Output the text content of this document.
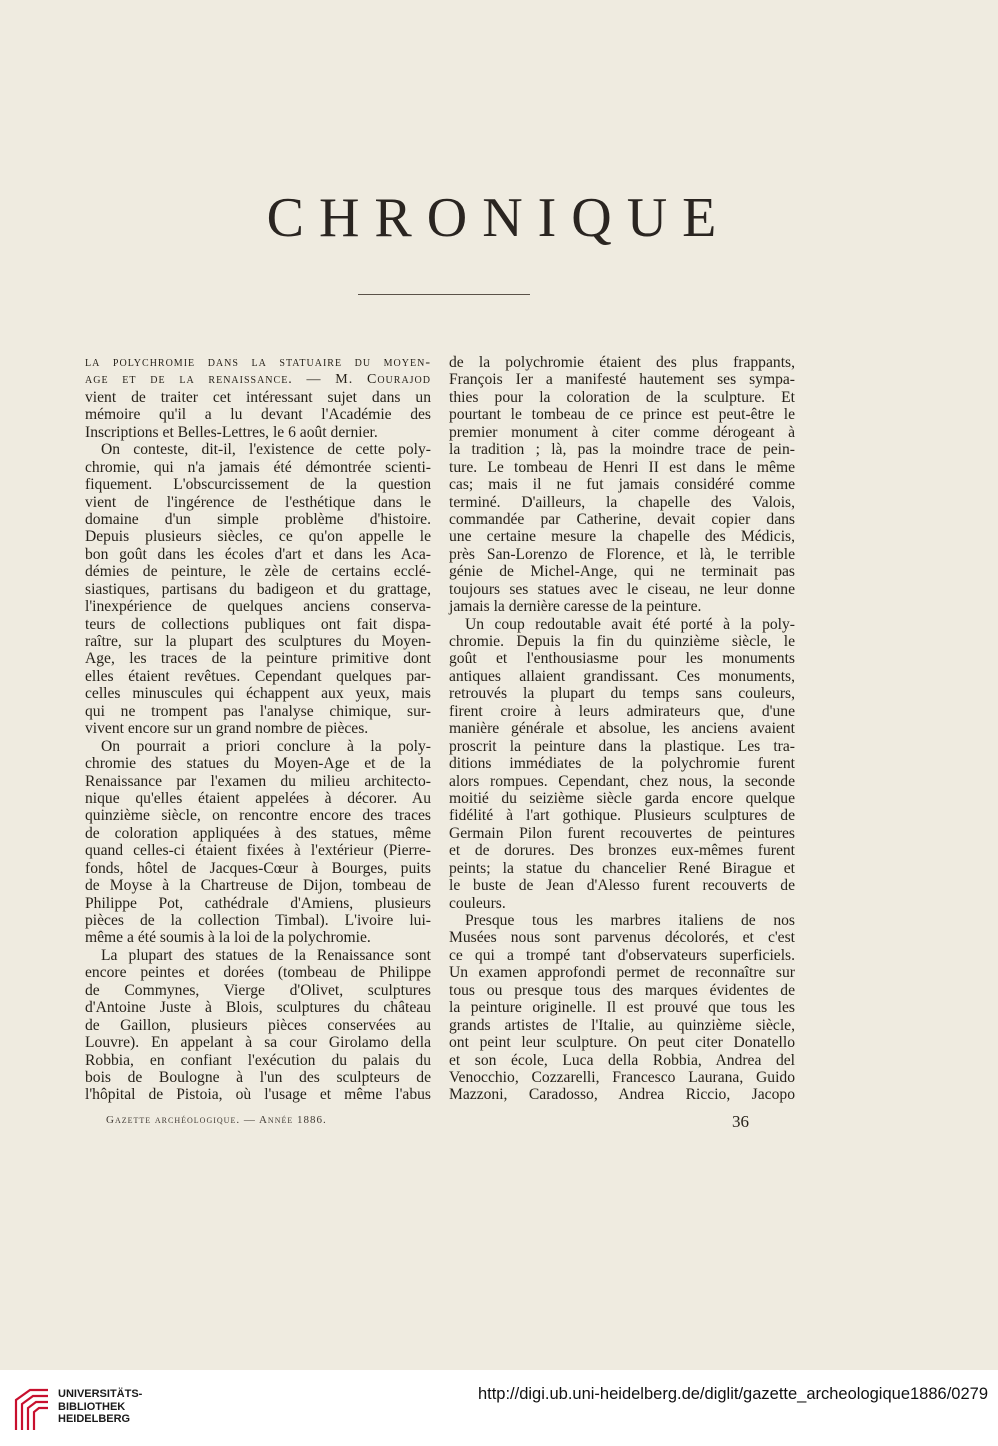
CHRONIQUE
la polychromie dans la statuaire du moyen-
age et de la renaissance. — M. Courajod
vient de traiter cet intéressant sujet dans un
mémoire qu'il a lu devant l'Académie des
Inscriptions et Belles-Lettres, le 6 août dernier.
On conteste, dit-il, l'existence de cette poly-
chromie, qui n'a jamais été démontrée scienti-
fiquement. L'obscurcissement de la question
vient de l'ingérence de l'esthétique dans le
domaine d'un simple problème d'histoire.
Depuis plusieurs siècles, ce qu'on appelle le
bon goût dans les écoles d'art et dans les Aca-
démies de peinture, le zèle de certains ecclé-
siastiques, partisans du badigeon et du grattage,
l'inexpérience de quelques anciens conserva-
teurs de collections publiques ont fait dispa-
raître, sur la plupart des sculptures du Moyen-
Age, les traces de la peinture primitive dont
elles étaient revêtues. Cependant quelques par-
celles minuscules qui échappent aux yeux, mais
qui ne trompent pas l'analyse chimique, sur-
vivent encore sur un grand nombre de pièces.
On pourrait a priori conclure à la poly-
chromie des statues du Moyen-Age et de la
Renaissance par l'examen du milieu architecto-
nique qu'elles étaient appelées à décorer. Au
quinzième siècle, on rencontre encore des traces
de coloration appliquées à des statues, même
quand celles-ci étaient fixées à l'extérieur (Pierre-
fonds, hôtel de Jacques-Cœur à Bourges, puits
de Moyse à la Chartreuse de Dijon, tombeau de
Philippe Pot, cathédrale d'Amiens, plusieurs
pièces de la collection Timbal). L'ivoire lui-
même a été soumis à la loi de la polychromie.
La plupart des statues de la Renaissance sont
encore peintes et dorées (tombeau de Philippe
de Commynes, Vierge d'Olivet, sculptures
d'Antoine Juste à Blois, sculptures du château
de Gaillon, plusieurs pièces conservées au
Louvre). En appelant à sa cour Girolamo della
Robbia, en confiant l'exécution du palais du
bois de Boulogne à l'un des sculpteurs de
l'hôpital de Pistoia, où l'usage et même l'abus
de la polychromie étaient des plus frappants,
François Ier a manifesté hautement ses sympa-
thies pour la coloration de la sculpture. Et
pourtant le tombeau de ce prince est peut-être le
premier monument à citer comme dérogeant à
la tradition ; là, pas la moindre trace de pein-
ture. Le tombeau de Henri II est dans le même
cas; mais il ne fut jamais considéré comme
terminé. D'ailleurs, la chapelle des Valois,
commandée par Catherine, devait copier dans
une certaine mesure la chapelle des Médicis,
près San-Lorenzo de Florence, et là, le terrible
génie de Michel-Ange, qui ne terminait pas
toujours ses statues avec le ciseau, ne leur donne
jamais la dernière caresse de la peinture.
Un coup redoutable avait été porté à la poly-
chromie. Depuis la fin du quinzième siècle, le
goût et l'enthousiasme pour les monuments
antiques allaient grandissant. Ces monuments,
retrouvés la plupart du temps sans couleurs,
firent croire à leurs admirateurs que, d'une
manière générale et absolue, les anciens avaient
proscrit la peinture dans la plastique. Les tra-
ditions immédiates de la polychromie furent
alors rompues. Cependant, chez nous, la seconde
moitié du seizième siècle garda encore quelque
fidélité à l'art gothique. Plusieurs sculptures de
Germain Pilon furent recouvertes de peintures
et de dorures. Des bronzes eux-mêmes furent
peints; la statue du chancelier René Birague et
le buste de Jean d'Alesso furent recouverts de
couleurs.
Presque tous les marbres italiens de nos
Musées nous sont parvenus décolorés, et c'est
ce qui a trompé tant d'observateurs superficiels.
Un examen approfondi permet de reconnaître sur
tous ou presque tous des marques évidentes de
la peinture originelle. Il est prouvé que tous les
grands artistes de l'Italie, au quinzième siècle,
ont peint leur sculpture. On peut citer Donatello
et son école, Luca della Robbia, Andrea del
Venocchio, Cozzarelli, Francesco Laurana, Guido
Mazzoni, Caradosso, Andrea Riccio, Jacopo
Gazette archéologique. — Année 1886.	36
UNIVERSITÄTS-
BIBLIOTHEK
HEIDELBERG
http://digi.ub.uni-heidelberg.de/diglit/gazette_archeologique1886/0279
